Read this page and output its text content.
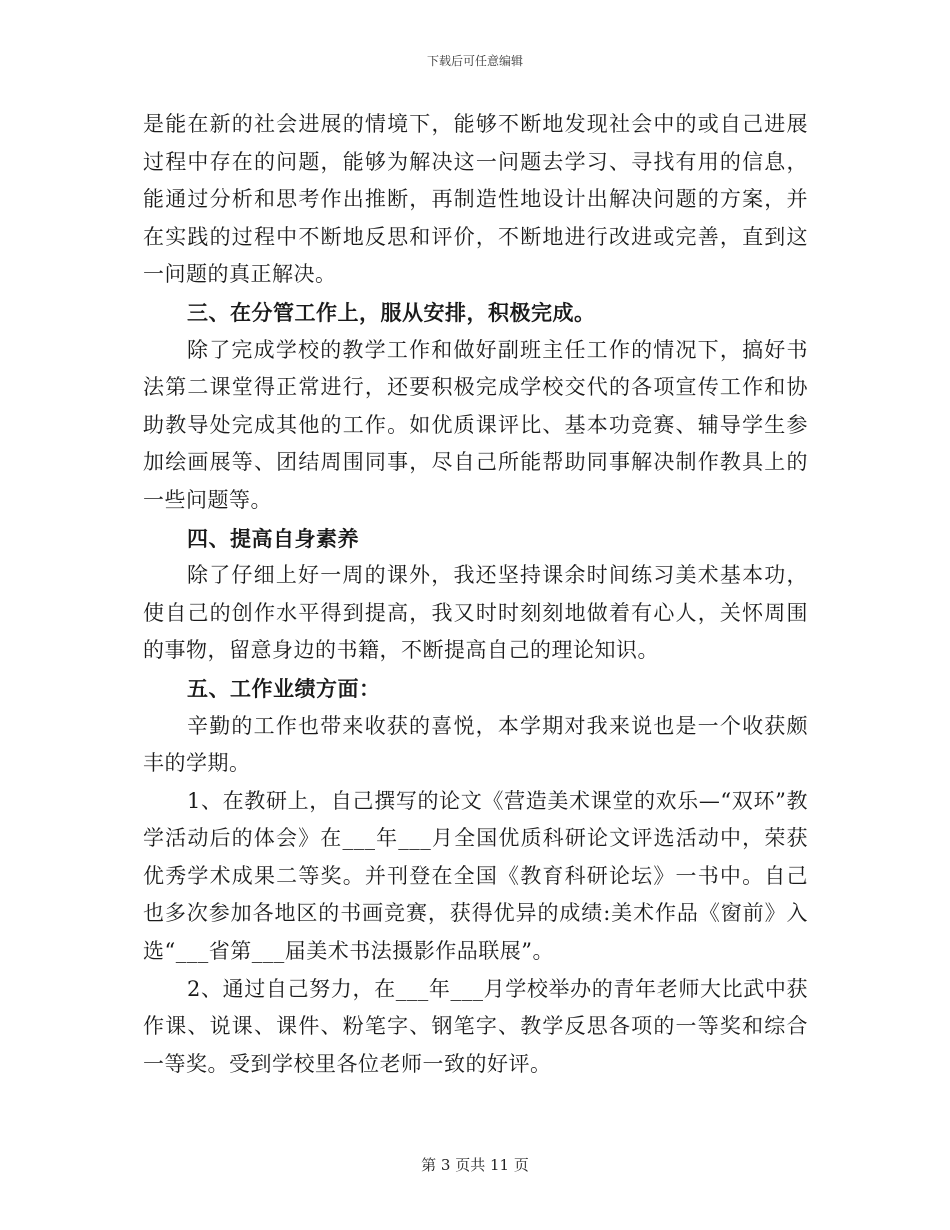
下载后可任意编辑

是能在新的社会进展的情境下，能够不断地发现社会中的或自己进展过程中存在的问题，能够为解决这一问题去学习、寻找有用的信息，能通过分析和思考作出推断，再制造性地设计出解决问题的方案，并在实践的过程中不断地反思和评价，不断地进行改进或完善，直到这一问题的真正解决。

三、在分管工作上，服从安排，积极完成。

除了完成学校的教学工作和做好副班主任工作的情况下，搞好书法第二课堂得正常进行，还要积极完成学校交代的各项宣传工作和协助教导处完成其他的工作。如优质课评比、基本功竞赛、辅导学生参加绘画展等、团结周围同事，尽自己所能帮助同事解决制作教具上的一些问题等。

四、提高自身素养

除了仔细上好一周的课外，我还坚持课余时间练习美术基本功，使自己的创作水平得到提高，我又时时刻刻地做着有心人，关怀周围的事物，留意身边的书籍，不断提高自己的理论知识。

五、工作业绩方面：

辛勤的工作也带来收获的喜悦，本学期对我来说也是一个收获颇丰的学期。

1、在教研上，自己撰写的论文《营造美术课堂的欢乐—“双环”教学活动后的体会》在___年___月全国优质科研论文评选活动中，荣获优秀学术成果二等奖。并刊登在全国《教育科研论坛》一书中。自己也多次参加各地区的书画竞赛，获得优异的成绩:美术作品《窗前》入选“___省第___届美术书法摄影作品联展”。

2、通过自己努力，在___年___月学校举办的青年老师大比武中获作课、说课、课件、粉笔字、钢笔字、教学反思各项的一等奖和综合一等奖。受到学校里各位老师一致的好评。

第 3 页共 11 页
